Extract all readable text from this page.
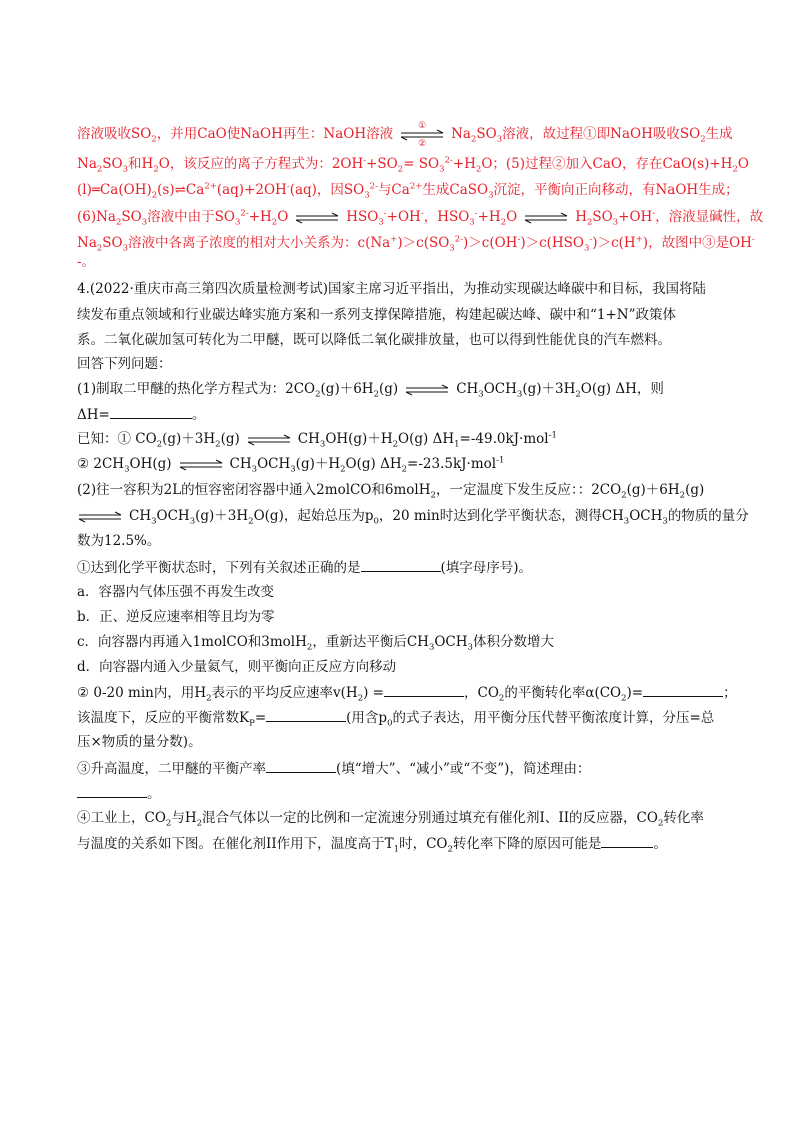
溶液吸收$SO_2$，并用CaO使NaOH再生：NaOH溶液
①
②
$Na_2SO_3$溶液，故过程①即NaOH吸收$SO_2$生成
$Na_2SO_3$和$H_2O$，该反应的离子方程式为：$2OH^-+SO_2= SO_3^{2-}+H_2O$；(5)过程②加入CaO，存在$CaO(s)+H_2O$
$(l)═Ca(OH)_2(s)\rightleftharpoons Ca^{2+}(aq)+2OH^-(aq)$，因$SO_3^{2-}$与$Ca^{2+}$生成CaSO$_3$沉淀，平衡向正向移动，有NaOH生成；
$(6)Na_2SO_3$溶液中由于$SO_3^{2-}+H_2O$ ⇌ $HSO_3^-+OH^-$，$HSO_3^-+H_2O$ ⇌ $H_2SO_3+OH^-$，溶液显碱性，故
$Na_2SO_3$溶液中各离子浓度的相对大小关系为：$c(Na^+)>c(SO_3^{2-})>c(OH^-)>c(HSO_3^-)>c(H^+)$，故图中③是OH-
-。
4.(2022·重庆市高三第四次质量检测考试)国家主席习近平指出，为推动实现碳达峰碳中和目标，我国将陆
续发布重点领域和行业碳达峰实施方案和一系列支撑保障措施，构建起碳达峰、碳中和“1+N”政策体
系。二氧化碳加氢可转化为二甲醚，既可以降低二氧化碳排放量，也可以得到性能优良的汽车燃料。
回答下列问题：
(1)制取二甲醚的热化学方程式为：$2CO_2(g)+6H_2(g)$ ⇌ $CH_3OCH_3(g)+3H_2O(g)$ ΔH，则
ΔH=	。
已知：① $CO_2(g)+3H_2(g)$ ⇌ $CH_3OH(g)+H_2O(g)$ $\Delta H_1=-49.0kJ\cdot mol^{-1}$
② $2CH_3OH(g)$ ⇌ $CH_3OCH_3(g)+H_2O(g)$ $\Delta H_2=-23.5kJ\cdot mol^{-1}$
(2)往一容积为2L的恒容密闭容器中通入2molCO和6molH$_2$，一定温度下发生反应：：$2CO_2(g)+6H_2(g)$
⇌ $CH_3OCH_3(g)+3H_2O(g)$，起始总压为$p_0$，20 min时达到化学平衡状态，测得$CH_3OCH_3$的物质的量分
数为12.5%。
①达到化学平衡状态时，下列有关叙述正确的是	(填字母序号)。
a．容器内气体压强不再发生改变
b．正、逆反应速率相等且均为零
c．向容器内再通入1molCO和3molH$_2$，重新达平衡后$CH_3OCH_3$体积分数增大
d．向容器内通入少量氦气，则平衡向正反应方向移动
② 0-20 min内，用$H_2$表示的平均反应速率$v(H_2)$ =	，$CO_2$的平衡转化率$\alpha(CO_2)=$	；
该温度下，反应的平衡常数$K_P=$	(用含$p_0$的式子表达，用平衡分压代替平衡浓度计算，分压=总
压×物质的量分数)。
③升高温度，二甲醚的平衡产率	(填“增大”、“减小”或“不变”)，简述理由：
。
④工业上，$CO_2$与$H_2$混合气体以一定的比例和一定流速分别通过填充有催化剂I、II的反应器，$CO_2$转化率
与温度的关系如下图。在催化剂II作用下，温度高于$T_1$时，$CO_2$转化率下降的原因可能是	。
